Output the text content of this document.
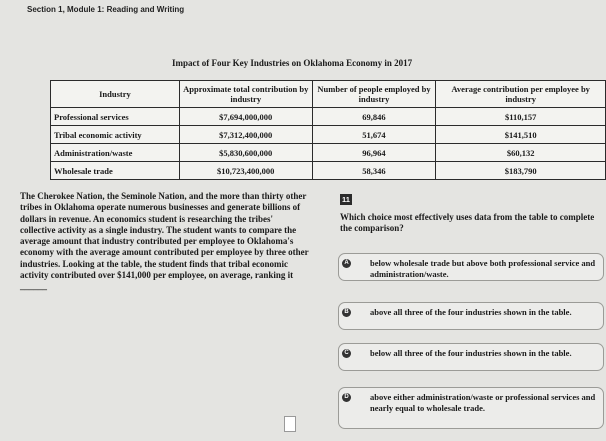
Section 1, Module 1: Reading and Writing
Impact of Four Key Industries on Oklahoma Economy in 2017
Industry	Approximate total contribution by industry	Number of people employed by industry	Average contribution per employee by industry
Professional services	$7,694,000,000	69,846	$110,157
Tribal economic activity	$7,312,400,000	51,674	$141,510
Administration/waste	$5,830,600,000	96,964	$60,132
Wholesale trade	$10,723,400,000	58,346	$183,790

The Cherokee Nation, the Seminole Nation, and the more than thirty other tribes in Oklahoma operate numerous businesses and generate billions of dollars in revenue. An economics student is researching the tribes' collective activity as a single industry. The student wants to compare the average amount that industry contributed per employee to Oklahoma's economy with the average amount contributed per employee by three other industries. Looking at the table, the student finds that tribal economic activity contributed over $141,000 per employee, on average, ranking it ______

11

Which choice most effectively uses data from the table to complete the comparison?

A	below wholesale trade but above both professional service and administration/waste.
B	above all three of the four industries shown in the table.
C	below all three of the four industries shown in the table.
D	above either administration/waste or professional services and nearly equal to wholesale trade.
